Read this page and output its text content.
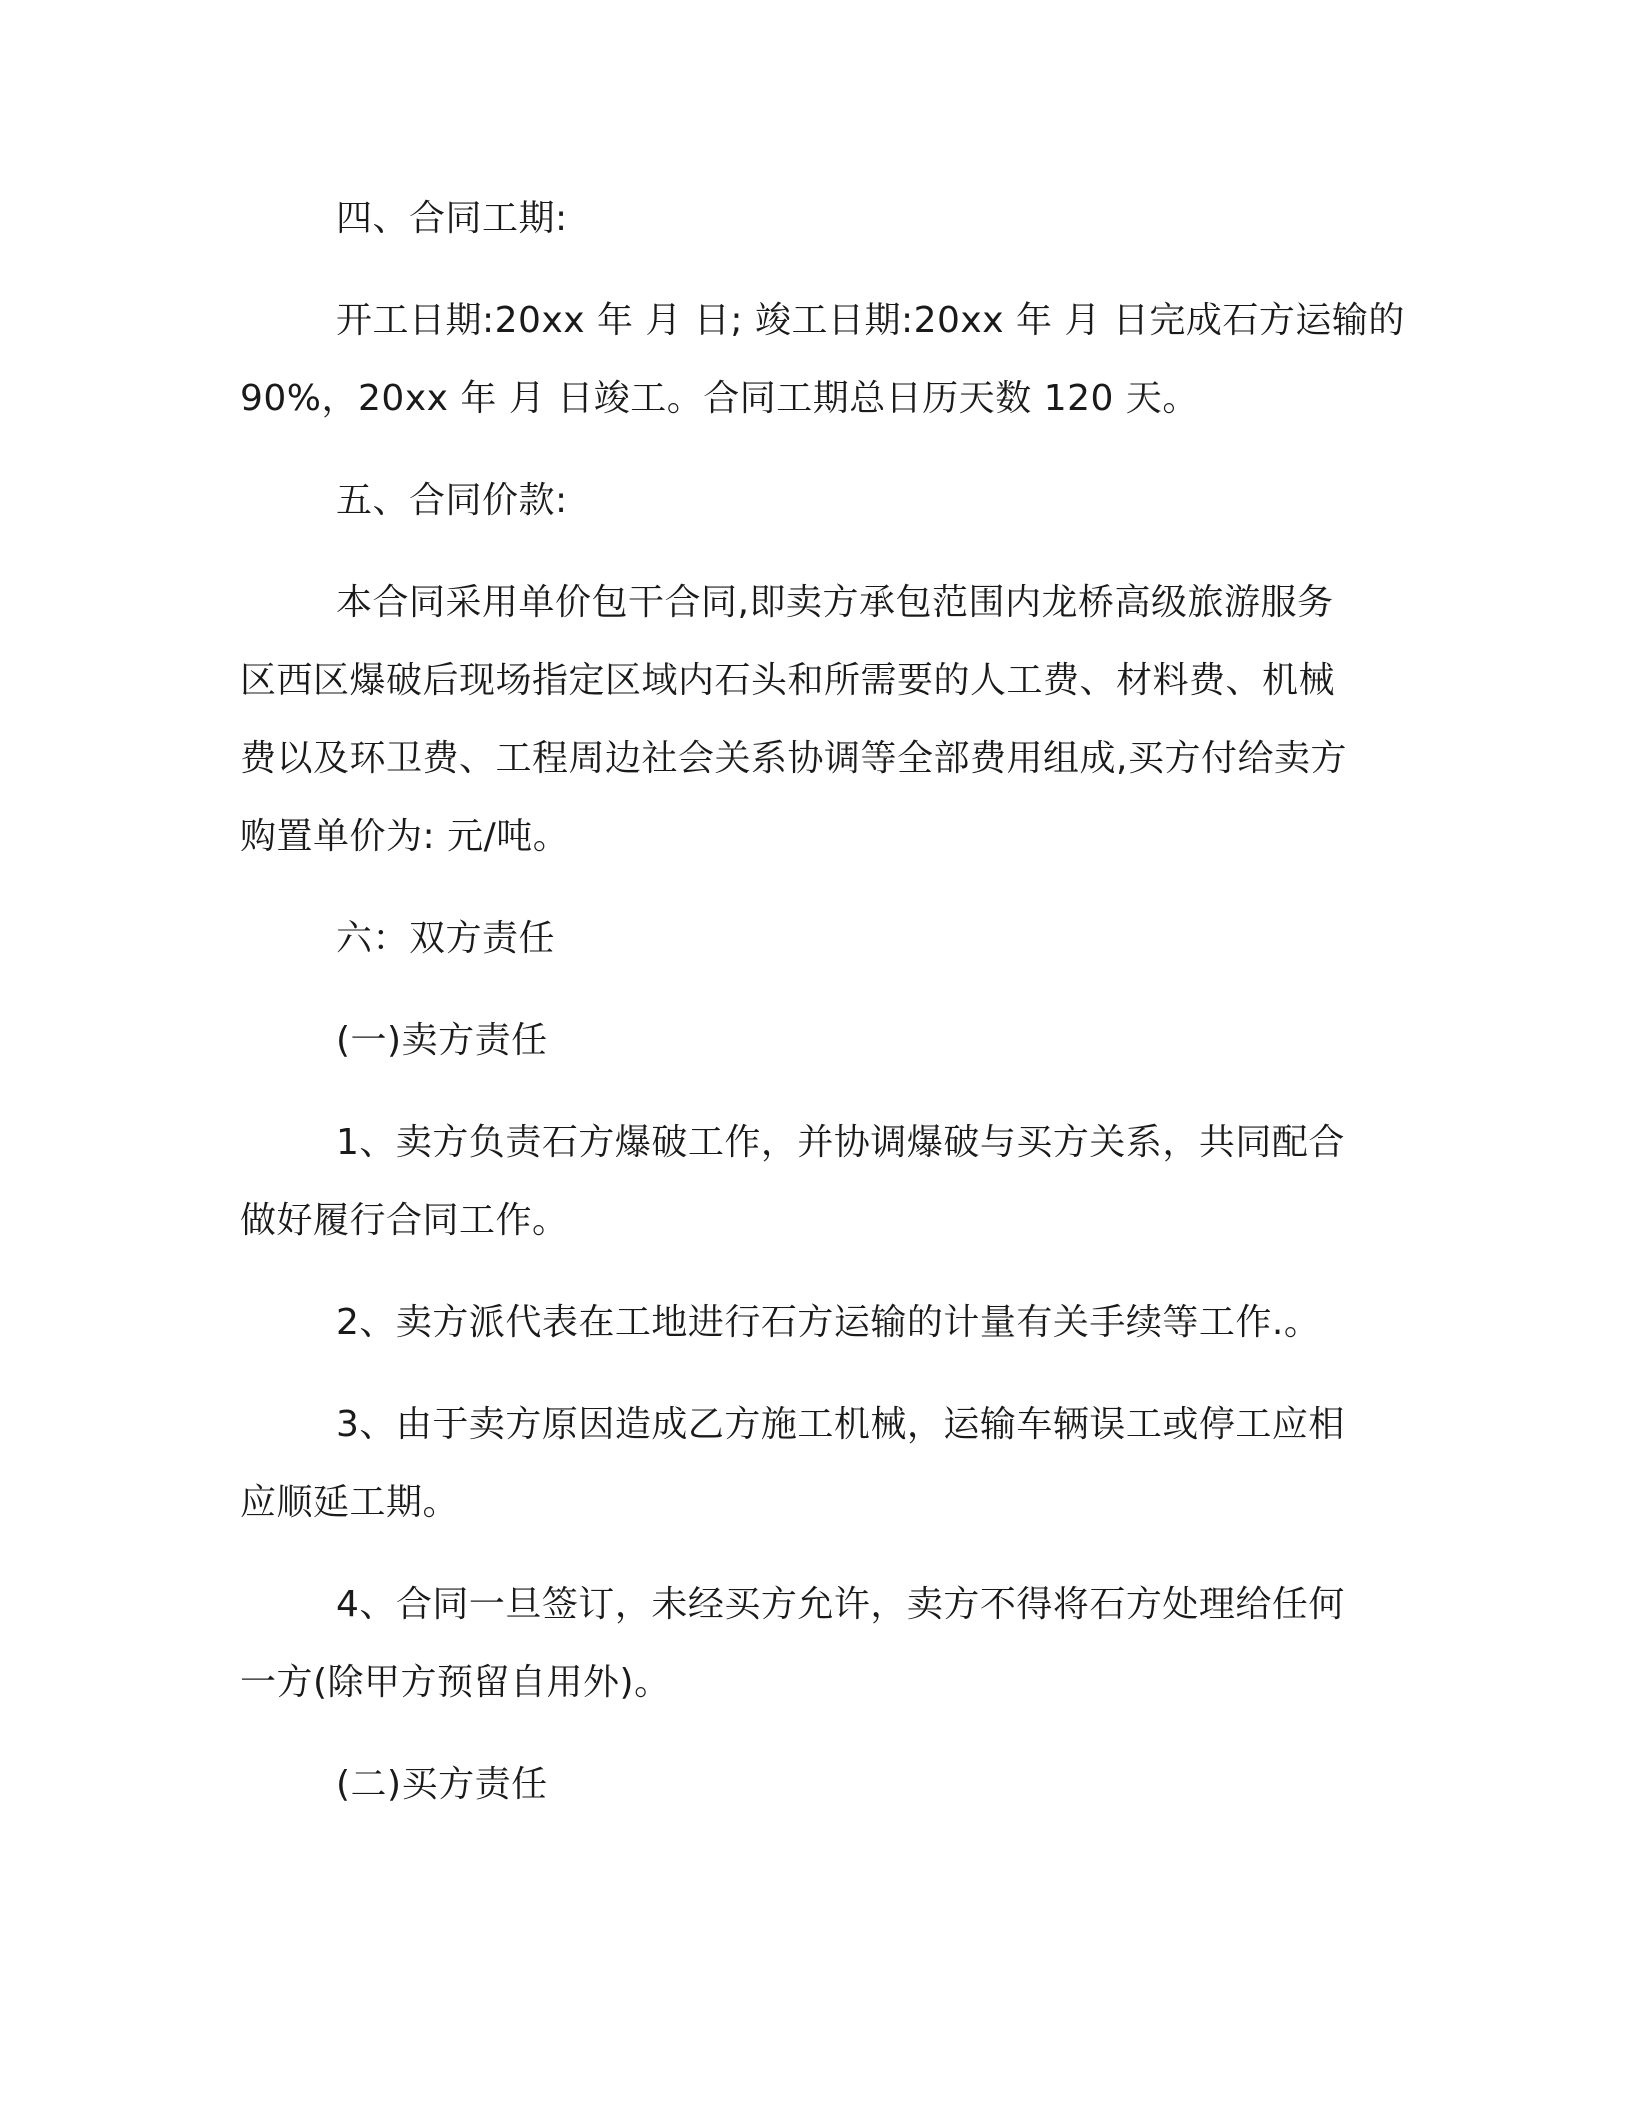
四、合同工期:
开工日期:20xx 年 月 日; 竣工日期:20xx 年 月 日完成石方运输的
90%，20xx 年 月 日竣工。合同工期总日历天数 120 天。
五、合同价款:
本合同采用单价包干合同,即卖方承包范围内龙桥高级旅游服务
区西区爆破后现场指定区域内石头和所需要的人工费、材料费、机械
费以及环卫费、工程周边社会关系协调等全部费用组成,买方付给卖方
购置单价为: 元/吨。
六：双方责任
(一)卖方责任
1、卖方负责石方爆破工作，并协调爆破与买方关系，共同配合
做好履行合同工作。
2、卖方派代表在工地进行石方运输的计量有关手续等工作.。
3、由于卖方原因造成乙方施工机械，运输车辆误工或停工应相
应顺延工期。
4、合同一旦签订，未经买方允许，卖方不得将石方处理给任何
一方(除甲方预留自用外)。
(二)买方责任
